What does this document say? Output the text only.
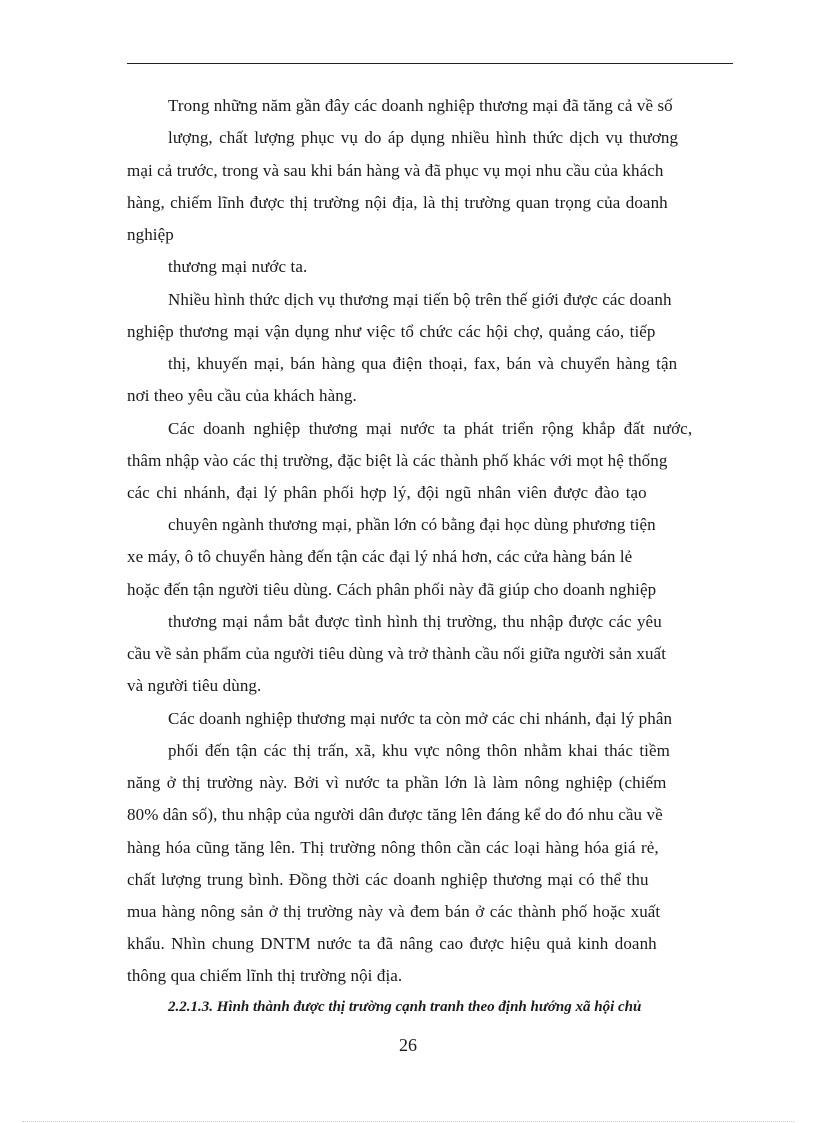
Trong những năm gần đây các doanh nghiệp thương mại đã tăng cả về số
lượng, chất lượng phục vụ do áp dụng nhiều hình thức dịch vụ thương
mại cả trước, trong và sau khi bán hàng và đã phục vụ mọi nhu cầu của khách
hàng, chiếm lĩnh được thị trường nội địa, là thị trường quan trọng của doanh
nghiệp
thương mại nước ta.
Nhiều hình thức dịch vụ thương mại tiến bộ trên thế giới được các doanh
nghiệp thương mại vận dụng như việc tổ chức các hội chợ, quảng cáo, tiếp
thị, khuyến mại, bán hàng qua điện thoại, fax, bán và chuyển hàng tận
nơi theo yêu cầu của khách hàng.
Các doanh nghiệp thương mại nước ta phát triển rộng khắp đất nước,
thâm nhập vào các thị trường, đặc biệt là các thành phố khác với mọt hệ thống
các chi nhánh, đại lý phân phối hợp lý, đội ngũ nhân viên được đào tạo
chuyên ngành thương mại, phần lớn có bằng đại học dùng phương tiện
xe máy, ô tô chuyển hàng đến tận các đại lý nhá hơn, các cửa hàng bán lẻ
hoặc đến tận người tiêu dùng. Cách phân phối này đã giúp cho doanh nghiệp
thương mại nắm bắt được tình hình thị trường, thu nhập được các yêu
cầu về sản phẩm của người tiêu dùng và trở thành cầu nối giữa người sản xuất
và người tiêu dùng.
Các doanh nghiệp thương mại nước ta còn mở các chi nhánh, đại lý phân
phối đến tận các thị trấn, xã, khu vực nông thôn nhằm khai thác tiềm
năng ở thị trường này. Bởi vì nước ta phần lớn là làm nông nghiệp (chiếm
80% dân số), thu nhập của người dân được tăng lên đáng kể do đó nhu cầu về
hàng hóa cũng tăng lên. Thị trường nông thôn cần các loại hàng hóa giá rẻ,
chất lượng trung bình. Đồng thời các doanh nghiệp thương mại có thể thu
mua hàng nông sản ở thị trường này và đem bán ở các thành phố hoặc xuất
khẩu. Nhìn chung DNTM nước ta đã nâng cao được hiệu quả kinh doanh
thông qua chiếm lĩnh thị trường nội địa.
2.2.1.3. Hình thành được thị trường cạnh tranh theo định hướng xã hội chủ
26
